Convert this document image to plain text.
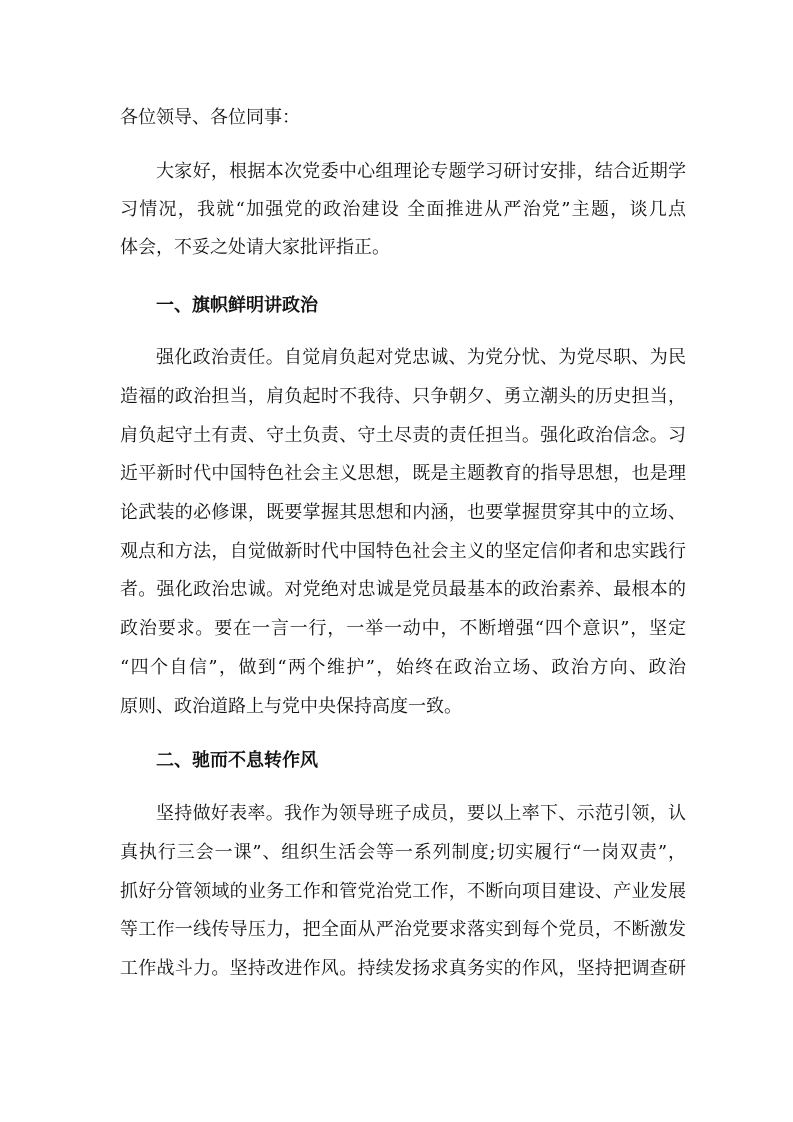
各位领导、各位同事：
大家好，根据本次党委中心组理论专题学习研讨安排，结合近期学
习情况，我就“加强党的政治建设 全面推进从严治党”主题，谈几点
体会，不妥之处请大家批评指正。
一、旗帜鲜明讲政治
强化政治责任。自觉肩负起对党忠诚、为党分忧、为党尽职、为民
造福的政治担当，肩负起时不我待、只争朝夕、勇立潮头的历史担当，
肩负起守土有责、守土负责、守土尽责的责任担当。强化政治信念。习
近平新时代中国特色社会主义思想，既是主题教育的指导思想，也是理
论武装的必修课，既要掌握其思想和内涵，也要掌握贯穿其中的立场、
观点和方法，自觉做新时代中国特色社会主义的坚定信仰者和忠实践行
者。强化政治忠诚。对党绝对忠诚是党员最基本的政治素养、最根本的
政治要求。要在一言一行，一举一动中，不断增强“四个意识”，坚定
“四个自信”，做到“两个维护”，始终在政治立场、政治方向、政治
原则、政治道路上与党中央保持高度一致。
二、驰而不息转作风
坚持做好表率。我作为领导班子成员，要以上率下、示范引领，认
真执行三会一课”、组织生活会等一系列制度;切实履行“一岗双责”，
抓好分管领域的业务工作和管党治党工作，不断向项目建设、产业发展
等工作一线传导压力，把全面从严治党要求落实到每个党员，不断激发
工作战斗力。坚持改进作风。持续发扬求真务实的作风，坚持把调查研
